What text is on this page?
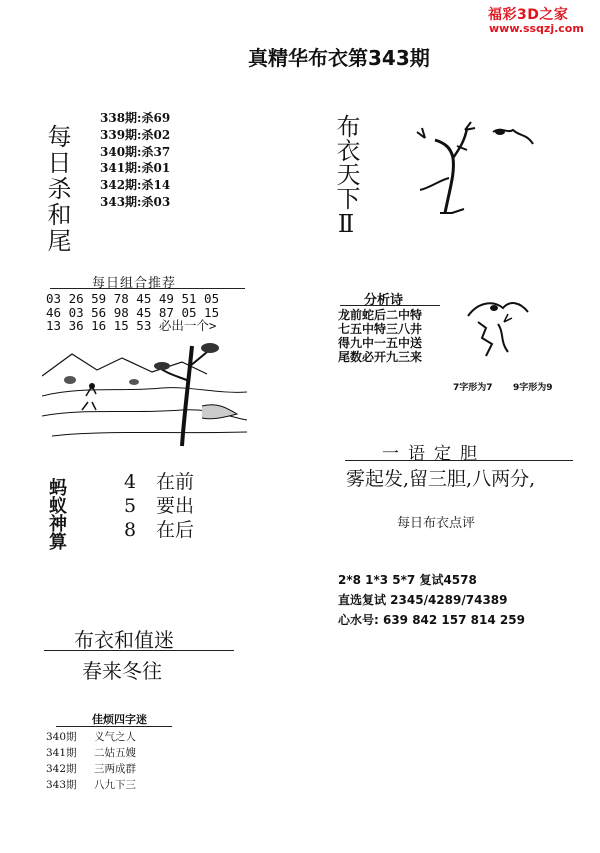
福彩3D之家
www.ssqzj.com
真精华布衣第343期
每日杀和尾
338期:杀69
339期:杀02
340期:杀37
341期:杀01
342期:杀14
343期:杀03	布衣天下Ⅱ
每日组合推荐
03 26 59 78 45 49 51 05
46 03 56 98 45 87 05 15
13 36 16 15 53 必出一个>
分析诗
龙前蛇后二中特
七五中特三八井
得九中一五中送
尾数必开九三来
7字形为7 9字形为9
一语定胆
雾起发,留三胆,八两分,
每日布衣点评
蚂蚁神算	4 在前
5 要出
8 在后
2*8 1*3 5*7 复试4578
直选复试 2345/4289/74389
心水号: 639 842 157 814 259
布衣和值迷
春来冬往
佳烦四字迷
340期 义气之人
341期 二姑五嫂
342期 三两成群
343期 八九下三
